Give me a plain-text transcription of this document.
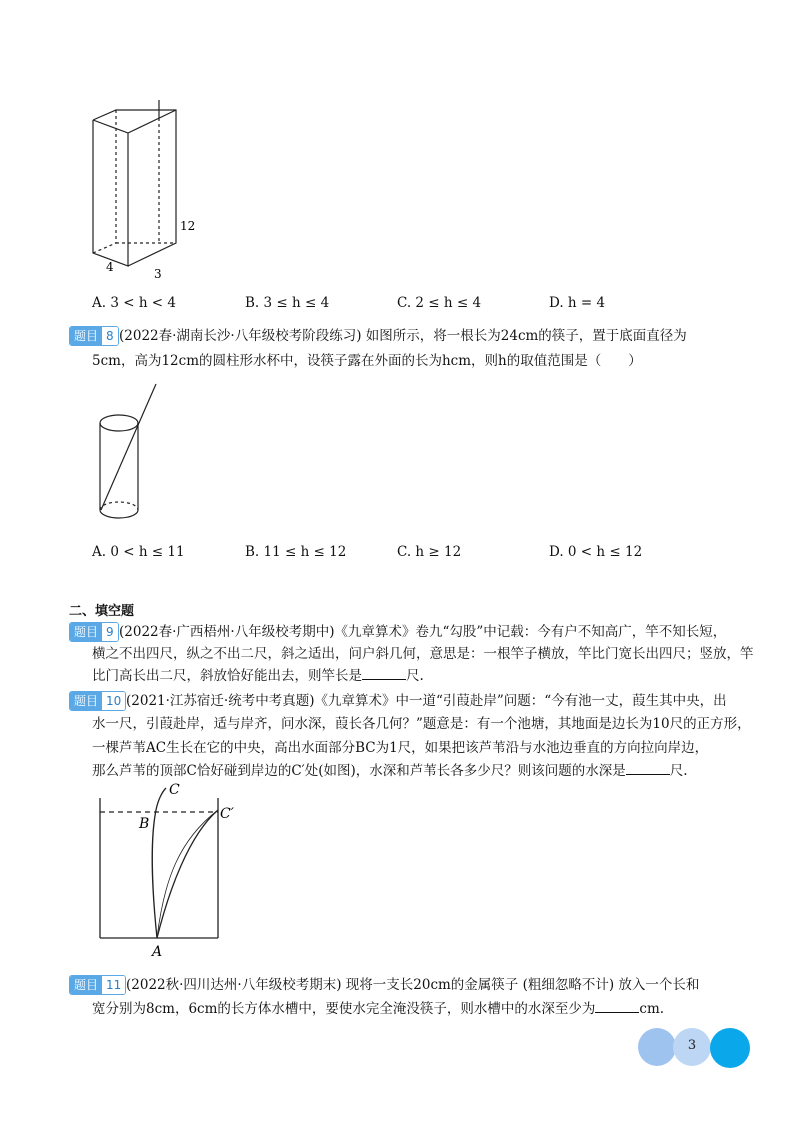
12
4	3
A. 3 < h < 4	B. 3 ≤ h ≤ 4	C. 2 ≤ h ≤ 4	D. h = 4
题目 8 (2022春·湖南长沙·八年级校考阶段练习) 如图所示，将一根长为24cm的筷子，置于底面直径为
5cm，高为12cm的圆柱形水杯中，设筷子露在外面的长为hcm，则h的取值范围是（　　）
A. 0 < h ≤ 11	B. 11 ≤ h ≤ 12	C. h ≥ 12	D. 0 < h ≤ 12
二、填空题
题目 9 (2022春·广西梧州·八年级校考期中)《九章算术》卷九“勾股”中记载：今有户不知高广，竿不知长短，
横之不出四尺，纵之不出二尺，斜之适出，问户斜几何，意思是：一根竿子横放，竿比门宽长出四尺；竖放，竿
比门高长出二尺，斜放恰好能出去，则竿长是	尺.
题目 10 (2021·江苏宿迁·统考中考真题)《九章算术》中一道“引葭赴岸”问题：“今有池一丈，葭生其中央，出
水一尺，引葭赴岸，适与岸齐，问水深，葭长各几何？”题意是：有一个池塘，其地面是边长为10尺的正方形，
一棵芦苇AC生长在它的中央，高出水面部分BC为1尺，如果把该芦苇沿与水池边垂直的方向拉向岸边，
那么芦苇的顶部C恰好碰到岸边的C′处(如图)，水深和芦苇长各多少尺？则该问题的水深是	尺.
C
B
C′
A
题目 11 (2022秋·四川达州·八年级校考期末) 现将一支长20cm的金属筷子 (粗细忽略不计) 放入一个长和
宽分别为8cm，6cm的长方体水槽中，要使水完全淹没筷子，则水槽中的水深至少为	cm.
3
